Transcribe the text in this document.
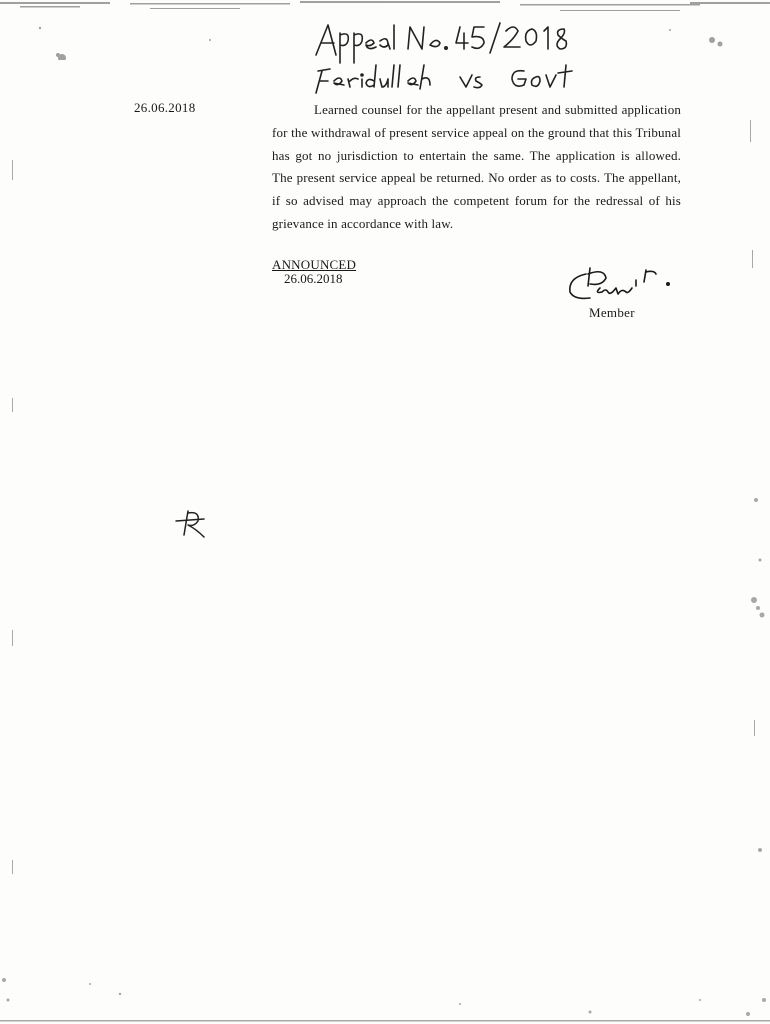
26.06.2018	Learned counsel for the appellant present and submitted application for the withdrawal of present service appeal on the ground that this Tribunal has got no jurisdiction to entertain the same. The application is allowed. The present service appeal be returned. No order as to costs. The appellant, if so advised may approach the competent forum for the redressal of his grievance in accordance with law.
ANNOUNCED
26.06.2018
Member
